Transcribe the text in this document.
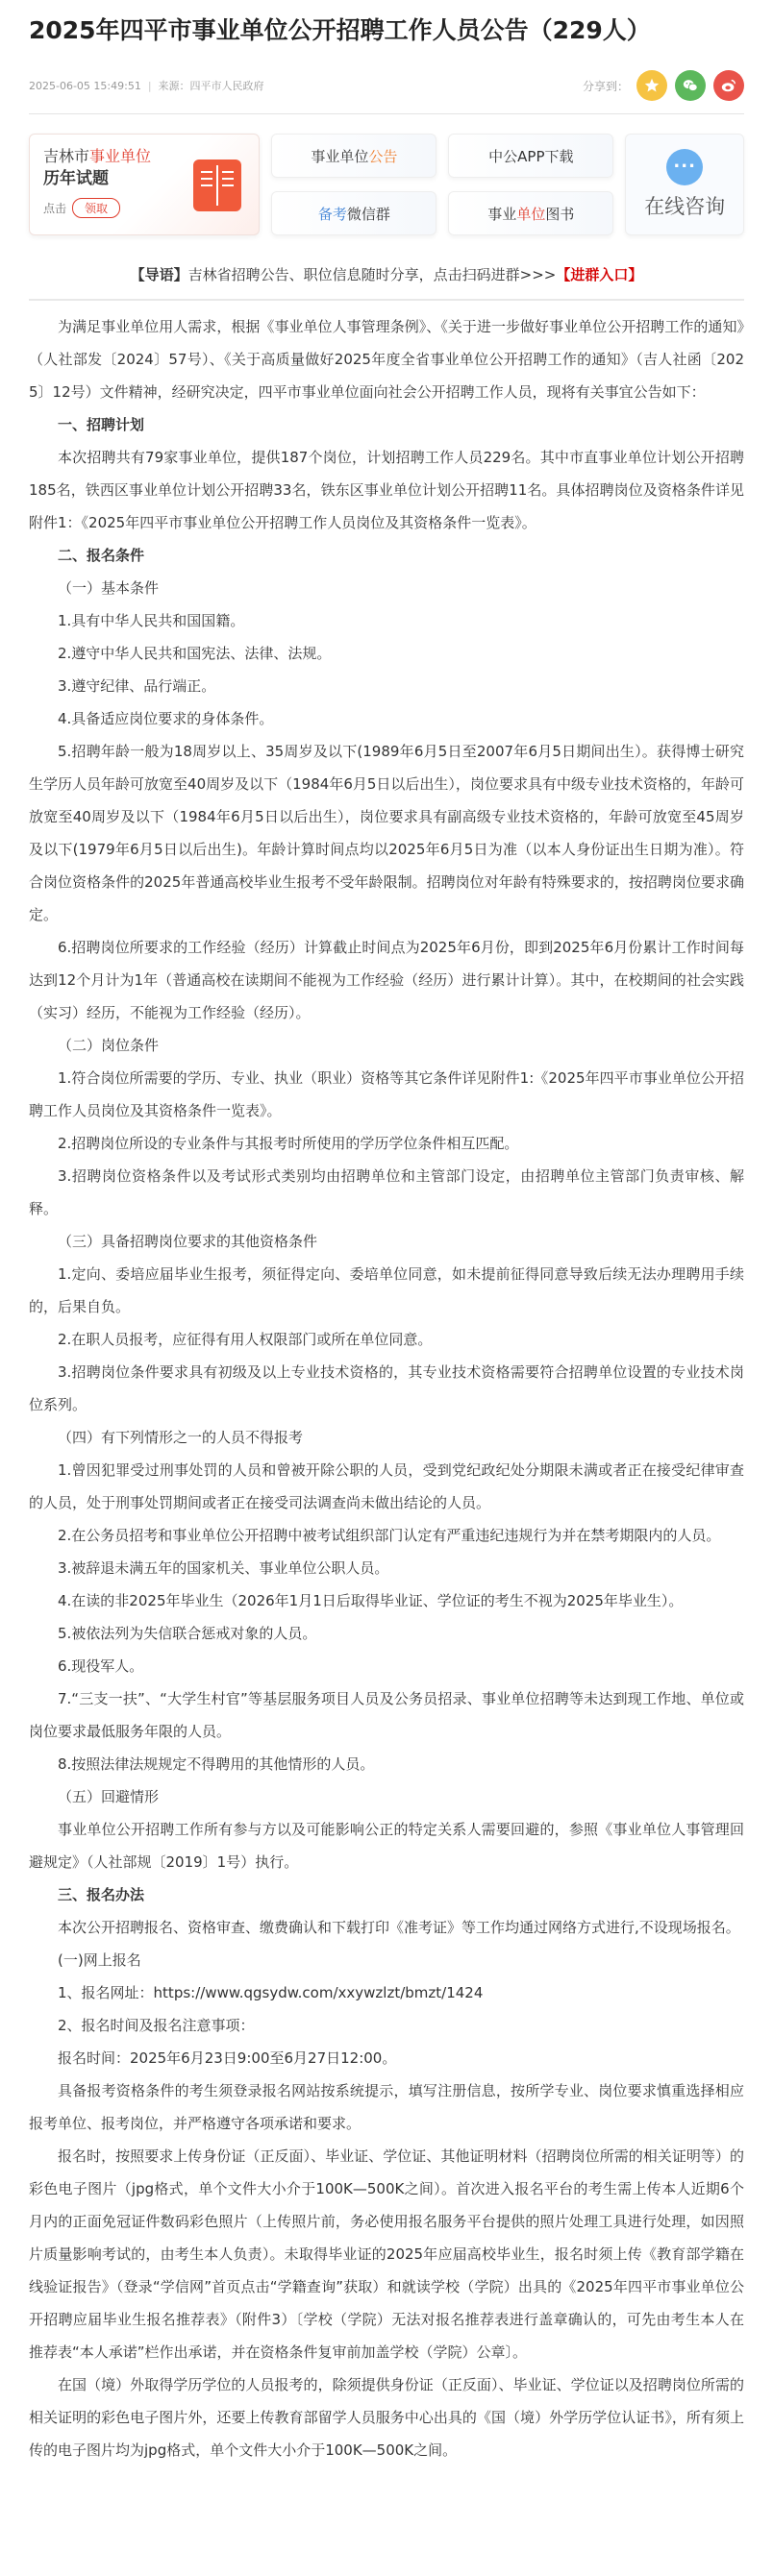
2025年四平市事业单位公开招聘工作人员公告（229人）
2025-06-05 15:49:51 | 来源：四平市人民政府	分享到：
吉林市事业单位
历年试题
点击	领取
事业单位 公告	中公APP下载
备考 微信群	事业 单位 图书
...	在线咨询
【导语】吉林省招聘公告、职位信息随时分享，点击扫码进群>>>【进群入口】

为满足事业单位用人需求，根据《事业单位人事管理条例》、《关于进一步做好事业单位公开招聘工作的通知》（人社部发〔2024〕57号）、《关于高质量做好2025年度全省事业单位公开招聘工作的通知》（吉人社函〔2025〕12号）文件精神，经研究决定，四平市事业单位面向社会公开招聘工作人员，现将有关事宜公告如下：

一、招聘计划

本次招聘共有79家事业单位，提供187个岗位，计划招聘工作人员229名。其中市直事业单位计划公开招聘185名，铁西区事业单位计划公开招聘33名，铁东区事业单位计划公开招聘11名。具体招聘岗位及资格条件详见附件1：《2025年四平市事业单位公开招聘工作人员岗位及其资格条件一览表》。

二、报名条件

（一）基本条件

1.具有中华人民共和国国籍。

2.遵守中华人民共和国宪法、法律、法规。

3.遵守纪律、品行端正。

4.具备适应岗位要求的身体条件。

5.招聘年龄一般为18周岁以上、35周岁及以下(1989年6月5日至2007年6月5日期间出生）。获得博士研究生学历人员年龄可放宽至40周岁及以下（1984年6月5日以后出生），岗位要求具有中级专业技术资格的，年龄可放宽至40周岁及以下（1984年6月5日以后出生），岗位要求具有副高级专业技术资格的，年龄可放宽至45周岁及以下(1979年6月5日以后出生)。年龄计算时间点均以2025年6月5日为准（以本人身份证出生日期为准）。符合岗位资格条件的2025年普通高校毕业生报考不受年龄限制。招聘岗位对年龄有特殊要求的，按招聘岗位要求确定。

6.招聘岗位所要求的工作经验（经历）计算截止时间点为2025年6月份，即到2025年6月份累计工作时间每达到12个月计为1年（普通高校在读期间不能视为工作经验（经历）进行累计计算）。其中，在校期间的社会实践（实习）经历，不能视为工作经验（经历）。

（二）岗位条件

1.符合岗位所需要的学历、专业、执业（职业）资格等其它条件详见附件1:《2025年四平市事业单位公开招聘工作人员岗位及其资格条件一览表》。

2.招聘岗位所设的专业条件与其报考时所使用的学历学位条件相互匹配。

3.招聘岗位资格条件以及考试形式类别均由招聘单位和主管部门设定，由招聘单位主管部门负责审核、解释。

（三）具备招聘岗位要求的其他资格条件

1.定向、委培应届毕业生报考，须征得定向、委培单位同意，如未提前征得同意导致后续无法办理聘用手续的，后果自负。

2.在职人员报考，应征得有用人权限部门或所在单位同意。

3.招聘岗位条件要求具有初级及以上专业技术资格的，其专业技术资格需要符合招聘单位设置的专业技术岗位系列。

（四）有下列情形之一的人员不得报考

1.曾因犯罪受过刑事处罚的人员和曾被开除公职的人员，受到党纪政纪处分期限未满或者正在接受纪律审查的人员，处于刑事处罚期间或者正在接受司法调查尚未做出结论的人员。

2.在公务员招考和事业单位公开招聘中被考试组织部门认定有严重违纪违规行为并在禁考期限内的人员。

3.被辞退未满五年的国家机关、事业单位公职人员。

4.在读的非2025年毕业生（2026年1月1日后取得毕业证、学位证的考生不视为2025年毕业生）。

5.被依法列为失信联合惩戒对象的人员。

6.现役军人。

7.“三支一扶”、“大学生村官”等基层服务项目人员及公务员招录、事业单位招聘等未达到现工作地、单位或岗位要求最低服务年限的人员。

8.按照法律法规规定不得聘用的其他情形的人员。

（五）回避情形

事业单位公开招聘工作所有参与方以及可能影响公正的特定关系人需要回避的，参照《事业单位人事管理回避规定》（人社部规〔2019〕1号）执行。

三、报名办法

本次公开招聘报名、资格审查、缴费确认和下载打印《准考证》等工作均通过网络方式进行,不设现场报名。

(一)网上报名

1、报名网址：https://www.qgsydw.com/xxywzlzt/bmzt/1424

2、报名时间及报名注意事项：

报名时间：2025年6月23日9:00至6月27日12:00。

具备报考资格条件的考生须登录报名网站按系统提示，填写注册信息，按所学专业、岗位要求慎重选择相应报考单位、报考岗位，并严格遵守各项承诺和要求。

报名时，按照要求上传身份证（正反面）、毕业证、学位证、其他证明材料（招聘岗位所需的相关证明等）的彩色电子图片（jpg格式，单个文件大小介于100K—500K之间）。首次进入报名平台的考生需上传本人近期6个月内的正面免冠证件数码彩色照片（上传照片前，务必使用报名服务平台提供的照片处理工具进行处理，如因照片质量影响考试的，由考生本人负责）。未取得毕业证的2025年应届高校毕业生，报名时须上传《教育部学籍在线验证报告》（登录“学信网”首页点击“学籍查询”获取）和就读学校（学院）出具的《2025年四平市事业单位公开招聘应届毕业生报名推荐表》（附件3）〔学校（学院）无法对报名推荐表进行盖章确认的，可先由考生本人在推荐表“本人承诺”栏作出承诺，并在资格条件复审前加盖学校（学院）公章〕。

在国（境）外取得学历学位的人员报考的，除须提供身份证（正反面）、毕业证、学位证以及招聘岗位所需的相关证明的彩色电子图片外，还要上传教育部留学人员服务中心出具的《国（境）外学历学位认证书》，所有须上传的电子图片均为jpg格式，单个文件大小介于100K—500K之间。
